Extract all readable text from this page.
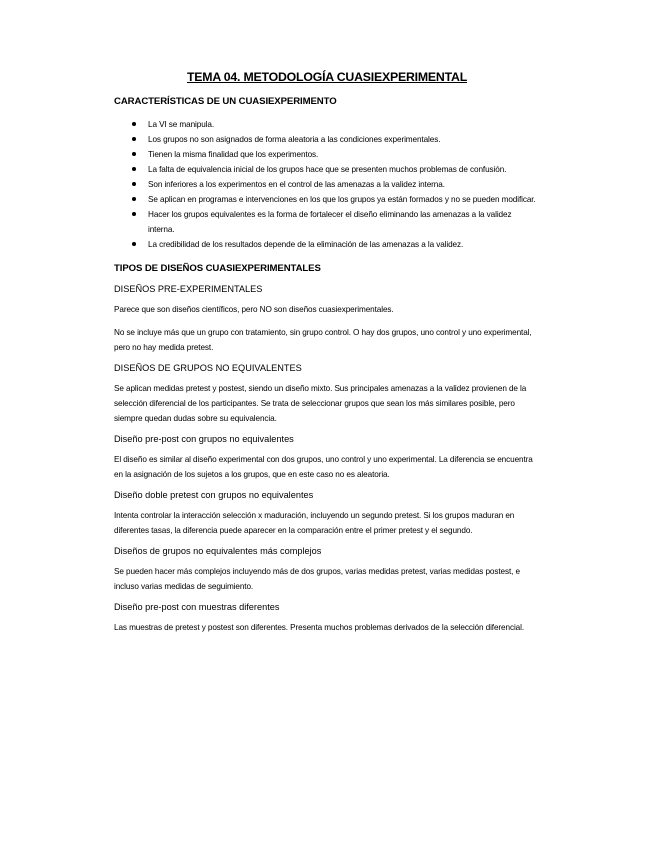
TEMA 04. METODOLOGÍA CUASIEXPERIMENTAL
CARACTERÍSTICAS DE UN CUASIEXPERIMENTO
La VI se manipula.
Los grupos no son asignados de forma aleatoria a las condiciones experimentales.
Tienen la misma finalidad que los experimentos.
La falta de equivalencia inicial de los grupos hace que se presenten muchos problemas de confusión.
Son inferiores a los experimentos en el control de las amenazas a la validez interna.
Se aplican en programas e intervenciones en los que los grupos ya están formados y no se pueden modificar.
Hacer los grupos equivalentes es la forma de fortalecer el diseño eliminando las amenazas a la validez interna.
La credibilidad de los resultados depende de la eliminación de las amenazas a la validez.
TIPOS DE DISEÑOS CUASIEXPERIMENTALES
DISEÑOS PRE-EXPERIMENTALES

Parece que son diseños científicos, pero NO son diseños cuasiexperimentales.

No se incluye más que un grupo con tratamiento, sin grupo control. O hay dos grupos, uno control y uno experimental, pero no hay medida pretest.

DISEÑOS DE GRUPOS NO EQUIVALENTES

Se aplican medidas pretest y postest, siendo un diseño mixto. Sus principales amenazas a la validez provienen de la selección diferencial de los participantes. Se trata de seleccionar grupos que sean los más similares posible, pero siempre quedan dudas sobre su equivalencia.

Diseño pre-post con grupos no equivalentes

El diseño es similar al diseño experimental con dos grupos, uno control y uno experimental. La diferencia se encuentra en la asignación de los sujetos a los grupos, que en este caso no es aleatoria.

Diseño doble pretest con grupos no equivalentes

Intenta controlar la interacción selección x maduración, incluyendo un segundo pretest. Si los grupos maduran en diferentes tasas, la diferencia puede aparecer en la comparación entre el primer pretest y el segundo.

Diseños de grupos no equivalentes más complejos

Se pueden hacer más complejos incluyendo más de dos grupos, varias medidas pretest, varias medidas postest, e incluso varias medidas de seguimiento.

Diseño pre-post con muestras diferentes

Las muestras de pretest y postest son diferentes. Presenta muchos problemas derivados de la selección diferencial.
